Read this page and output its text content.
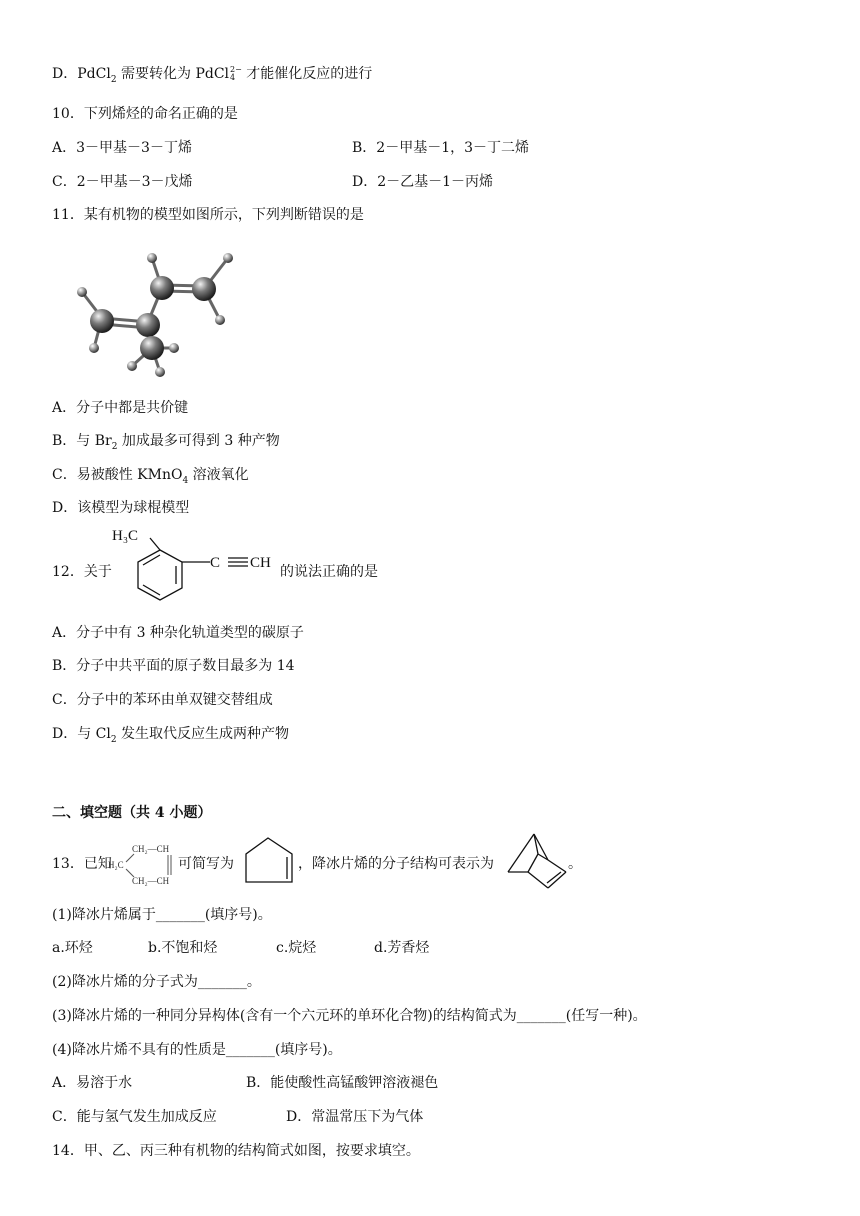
D．PdCl$_2$ 需要转化为 PdCl2−
4 才能催化反应的进行
10．下列烯烃的命名正确的是
A．3－甲基－3－丁烯	B．2－甲基－1，3－丁二烯
C．2－甲基－3－戊烯	D．2－乙基－1－丙烯
11．某有机物的模型如图所示，下列判断错误的是
A．分子中都是共价键
B．与 $Br_2$ 加成最多可得到 3 种产物
C．易被酸性 KMnO$_4$ 溶液氧化
D．该模型为球棍模型
12．关于
H₃C
C CH
的说法正确的是
A．分子中有 3 种杂化轨道类型的碳原子
B．分子中共平面的原子数目最多为 14
C．分子中的苯环由单双键交替组成
D．与 $Cl_2$ 发生取代反应生成两种产物
二、填空题（共 4 小题）
13．已知
CH₂—CH
H₂C
CH₂—CH
可简写为	，降冰片烯的分子结构可表示为	。
(1)降冰片烯属于_______(填序号)。
a.环烃	b.不饱和烃	c.烷烃	d.芳香烃
(2)降冰片烯的分子式为_______。
(3)降冰片烯的一种同分异构体(含有一个六元环的单环化合物)的结构简式为_______(任写一种)。
(4)降冰片烯不具有的性质是_______(填序号)。
A．易溶于水	B．能使酸性高锰酸钾溶液褪色
C．能与氢气发生加成反应	D．常温常压下为气体
14．甲、乙、丙三种有机物的结构简式如图，按要求填空。
